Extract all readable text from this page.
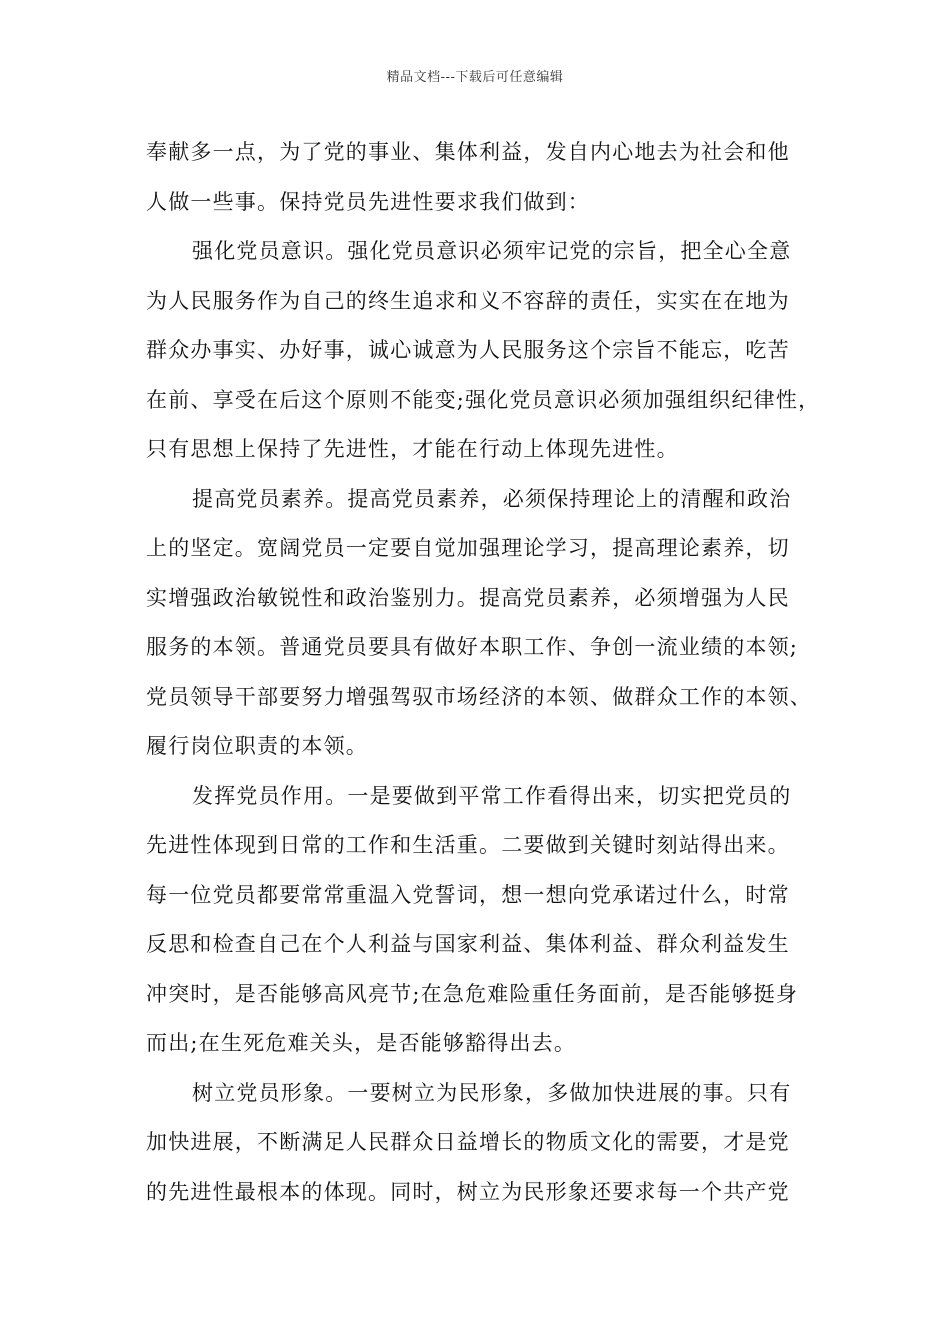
精品文档---下载后可任意编辑
奉献多一点，为了党的事业、集体利益，发自内心地去为社会和他
人做一些事。保持党员先进性要求我们做到：
强化党员意识。强化党员意识必须牢记党的宗旨，把全心全意
为人民服务作为自己的终生追求和义不容辞的责任，实实在在地为
群众办事实、办好事，诚心诚意为人民服务这个宗旨不能忘，吃苦
在前、享受在后这个原则不能变;强化党员意识必须加强组织纪律性，
只有思想上保持了先进性，才能在行动上体现先进性。
提高党员素养。提高党员素养，必须保持理论上的清醒和政治
上的坚定。宽阔党员一定要自觉加强理论学习，提高理论素养，切
实增强政治敏锐性和政治鉴别力。提高党员素养，必须增强为人民
服务的本领。普通党员要具有做好本职工作、争创一流业绩的本领;
党员领导干部要努力增强驾驭市场经济的本领、做群众工作的本领、
履行岗位职责的本领。
发挥党员作用。一是要做到平常工作看得出来，切实把党员的
先进性体现到日常的工作和生活重。二要做到关键时刻站得出来。
每一位党员都要常常重温入党誓词，想一想向党承诺过什么，时常
反思和检查自己在个人利益与国家利益、集体利益、群众利益发生
冲突时，是否能够高风亮节;在急危难险重任务面前，是否能够挺身
而出;在生死危难关头，是否能够豁得出去。
树立党员形象。一要树立为民形象，多做加快进展的事。只有
加快进展，不断满足人民群众日益增长的物质文化的需要，才是党
的先进性最根本的体现。同时，树立为民形象还要求每一个共产党
